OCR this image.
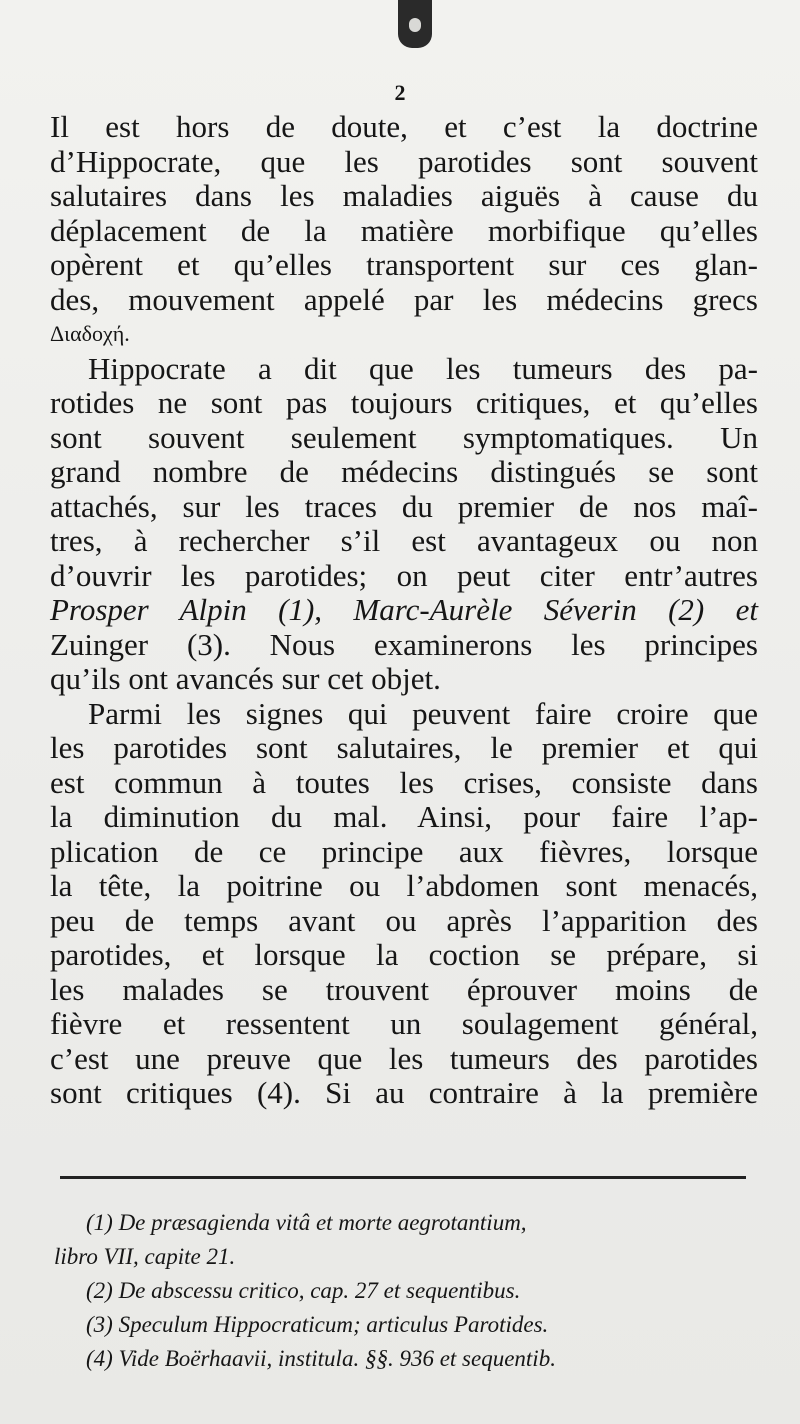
2
Il est hors de doute, et c’est la doctrine
d’Hippocrate, que les parotides sont souvent
salutaires dans les maladies aiguës à cause du
déplacement de la matière morbifique qu’elles
opèrent et qu’elles transportent sur ces glan-
des, mouvement appelé par les médecins grecs
Διαδοχή.
Hippocrate a dit que les tumeurs des pa-
rotides ne sont pas toujours critiques, et qu’elles
sont souvent seulement symptomatiques. Un
grand nombre de médecins distingués se sont
attachés, sur les traces du premier de nos maî-
tres, à rechercher s’il est avantageux ou non
d’ouvrir les parotides; on peut citer entr’autres
Prosper Alpin (1), Marc-Aurèle Séverin (2) et
Zuinger (3). Nous examinerons les principes
qu’ils ont avancés sur cet objet.
Parmi les signes qui peuvent faire croire que
les parotides sont salutaires, le premier et qui
est commun à toutes les crises, consiste dans
la diminution du mal. Ainsi, pour faire l’ap-
plication de ce principe aux fièvres, lorsque
la tête, la poitrine ou l’abdomen sont menacés,
peu de temps avant ou après l’apparition des
parotides, et lorsque la coction se prépare, si
les malades se trouvent éprouver moins de
fièvre et ressentent un soulagement général,
c’est une preuve que les tumeurs des parotides
sont critiques (4). Si au contraire à la première
(1) De præsagienda vitâ et morte aegrotantium,
libro VII, capite 21.
(2) De abscessu critico, cap. 27 et sequentibus.
(3) Speculum Hippocraticum; articulus Parotides.
(4) Vide Boërhaavii, institula. §§. 936 et sequentib.
